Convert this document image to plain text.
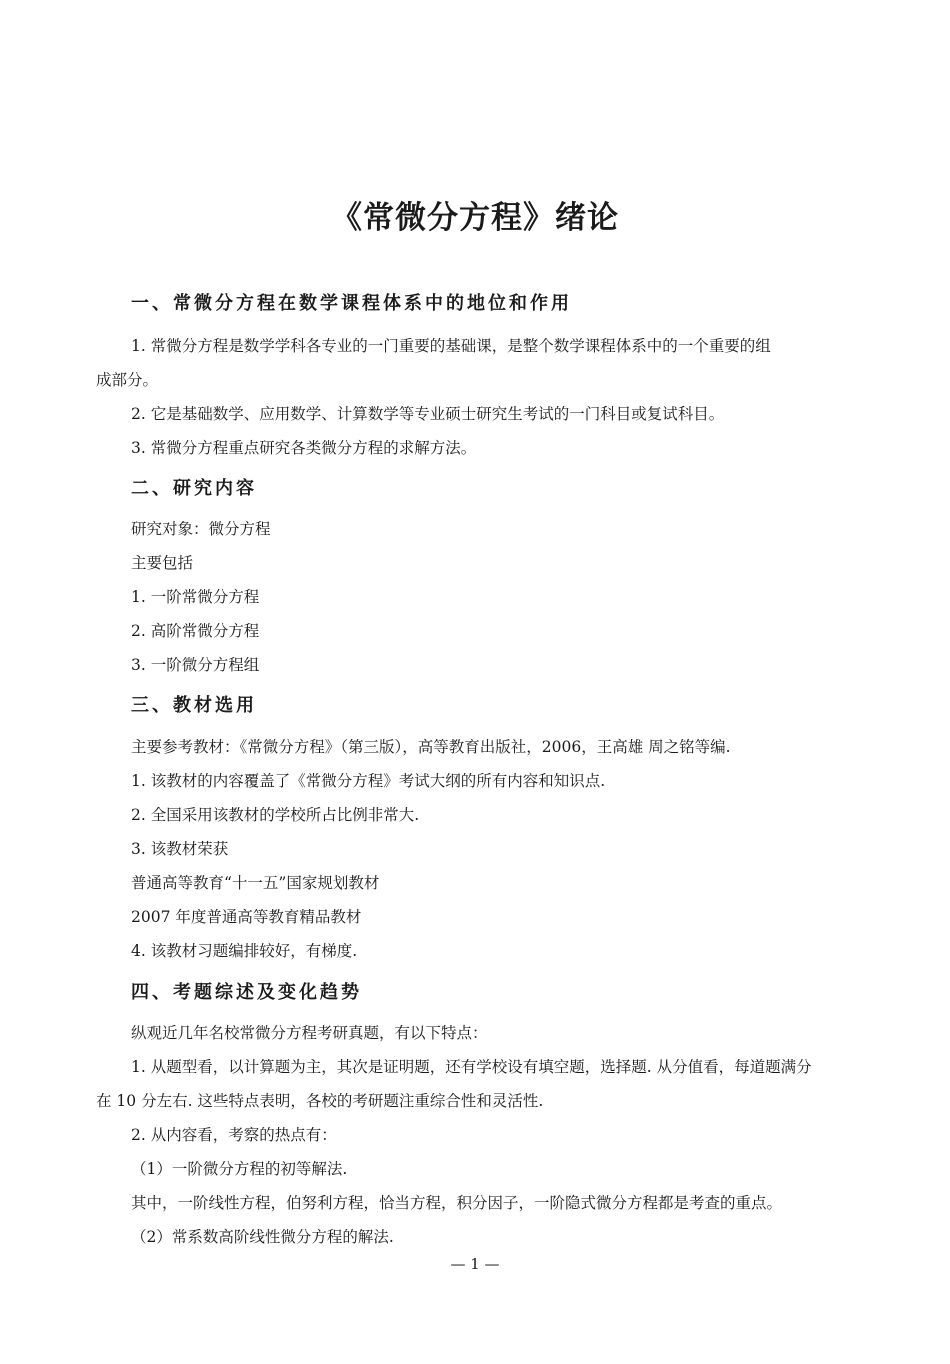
《常微分方程》绪论
一、常微分方程在数学课程体系中的地位和作用
1. 常微分方程是数学学科各专业的一门重要的基础课，是整个数学课程体系中的一个重要的组
成部分。
2. 它是基础数学、应用数学、计算数学等专业硕士研究生考试的一门科目或复试科目。
3. 常微分方程重点研究各类微分方程的求解方法。
二、研究内容
研究对象：微分方程
主要包括
1. 一阶常微分方程
2. 高阶常微分方程
3. 一阶微分方程组
三、教材选用
主要参考教材：《常微分方程》（第三版），高等教育出版社，2006，王高雄 周之铭等编.
1. 该教材的内容覆盖了《常微分方程》考试大纲的所有内容和知识点.
2. 全国采用该教材的学校所占比例非常大.
3. 该教材荣获
普通高等教育“十一五”国家规划教材
2007 年度普通高等教育精品教材
4. 该教材习题编排较好，有梯度.
四、考题综述及变化趋势
纵观近几年名校常微分方程考研真题，有以下特点：
1. 从题型看，以计算题为主，其次是证明题，还有学校设有填空题，选择题. 从分值看，每道题满分
在 10 分左右. 这些特点表明，各校的考研题注重综合性和灵活性.
2. 从内容看，考察的热点有：
（1）一阶微分方程的初等解法.
其中，一阶线性方程，伯努利方程，恰当方程，积分因子，一阶隐式微分方程都是考查的重点。
（2）常系数高阶线性微分方程的解法.
— 1 —
